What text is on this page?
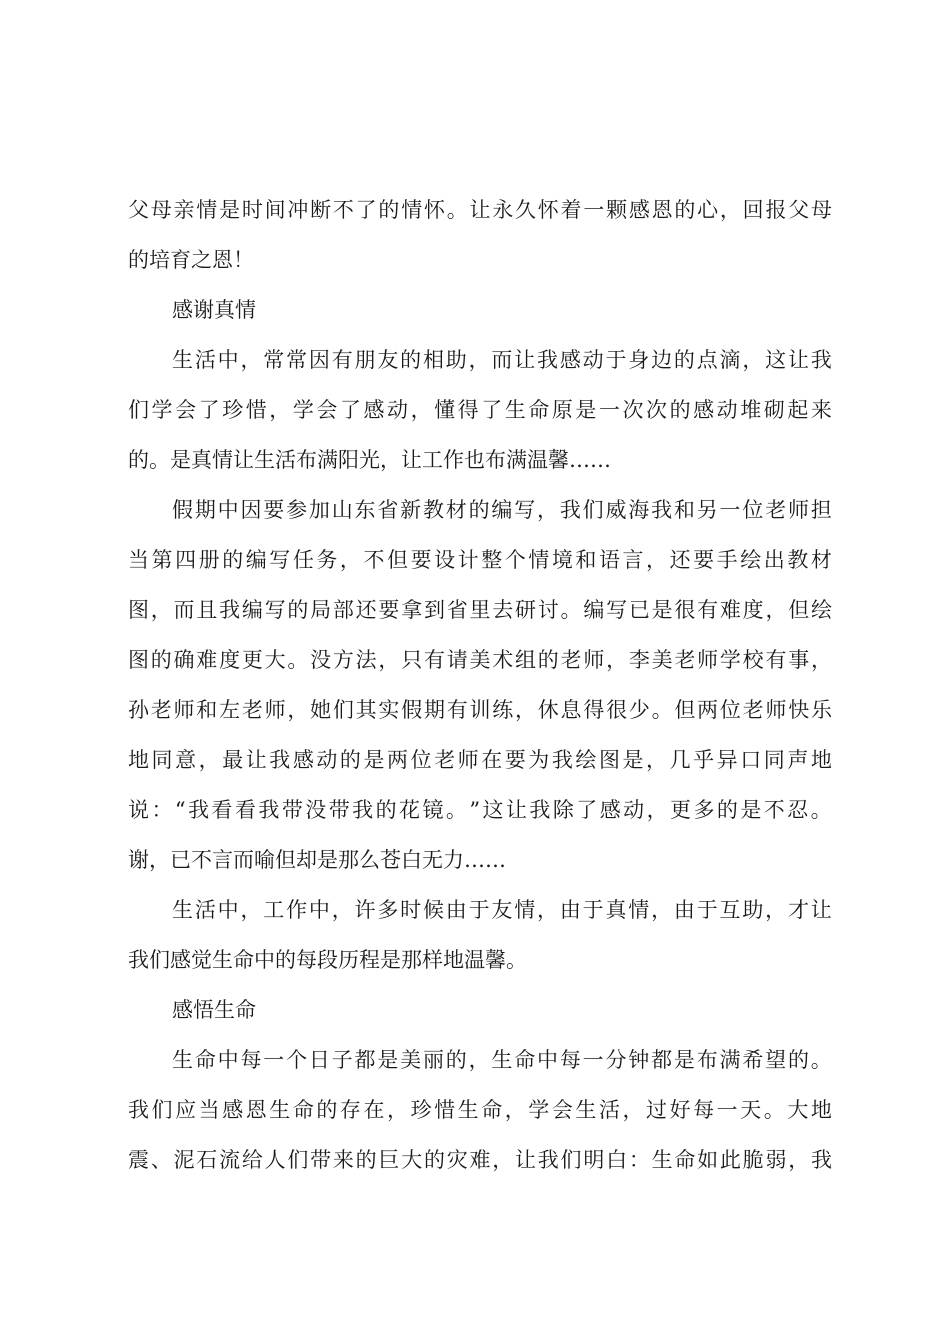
父 母 亲 情 是 时 间 冲 断 不 了 的 情 怀 。 让 永 久 怀 着 一 颗 感 恩 的 心 ， 回 报 父 母
的培育之恩！
感谢真情
生 活 中 ， 常 常 因 有 朋 友 的 相 助 ， 而 让 我 感 动 于 身 边 的 点 滴 ， 这 让 我
们 学 会 了 珍 惜 ， 学 会 了 感 动 ， 懂 得 了 生 命 原 是 一 次 次 的 感 动 堆 砌 起 来
的。是真情让生活布满阳光，让工作也布满温馨……
假 期 中 因 要 参 加 山 东 省 新 教 材 的 编 写 ， 我 们 威 海 我 和 另 一 位 老 师 担
当 第 四 册 的 编 写 任 务 ， 不 但 要 设 计 整 个 情 境 和 语 言 ， 还 要 手 绘 出 教 材
图 ， 而 且 我 编 写 的 局 部 还 要 拿 到 省 里 去 研 讨 。 编 写 已 是 很 有 难 度 ， 但 绘
图 的 确 难 度 更 大 。 没 方 法 ， 只 有 请 美 术 组 的 老 师 ， 李 美 老 师 学 校 有 事 ，
孙 老 师 和 左 老 师 ， 她 们 其 实 假 期 有 训 练 ， 休 息 得 很 少 。 但 两 位 老 师 快 乐
地 同 意 ， 最 让 我 感 动 的 是 两 位 老 师 在 要 为 我 绘 图 是 ， 几 乎 异 口 同 声 地
说 ： “ 我 看 看 我 带 没 带 我 的 花 镜 。 ” 这 让 我 除 了 感 动 ， 更 多 的 是 不 忍 。
谢，已不言而喻但却是那么苍白无力……
生 活 中 ， 工 作 中 ， 许 多 时 候 由 于 友 情 ， 由 于 真 情 ， 由 于 互 助 ， 才 让
我们感觉生命中的每段历程是那样地温馨。
感悟生命
生 命 中 每 一 个 日 子 都 是 美 丽 的 ， 生 命 中 每 一 分 钟 都 是 布 满 希 望 的 。
我 们 应 当 感 恩 生 命 的 存 在 ， 珍 惜 生 命 ， 学 会 生 活 ， 过 好 每 一 天 。 大 地
震 、 泥 石 流 给 人 们 带 来 的 巨 大 的 灾 难 ， 让 我 们 明 白 ： 生 命 如 此 脆 弱 ， 我
